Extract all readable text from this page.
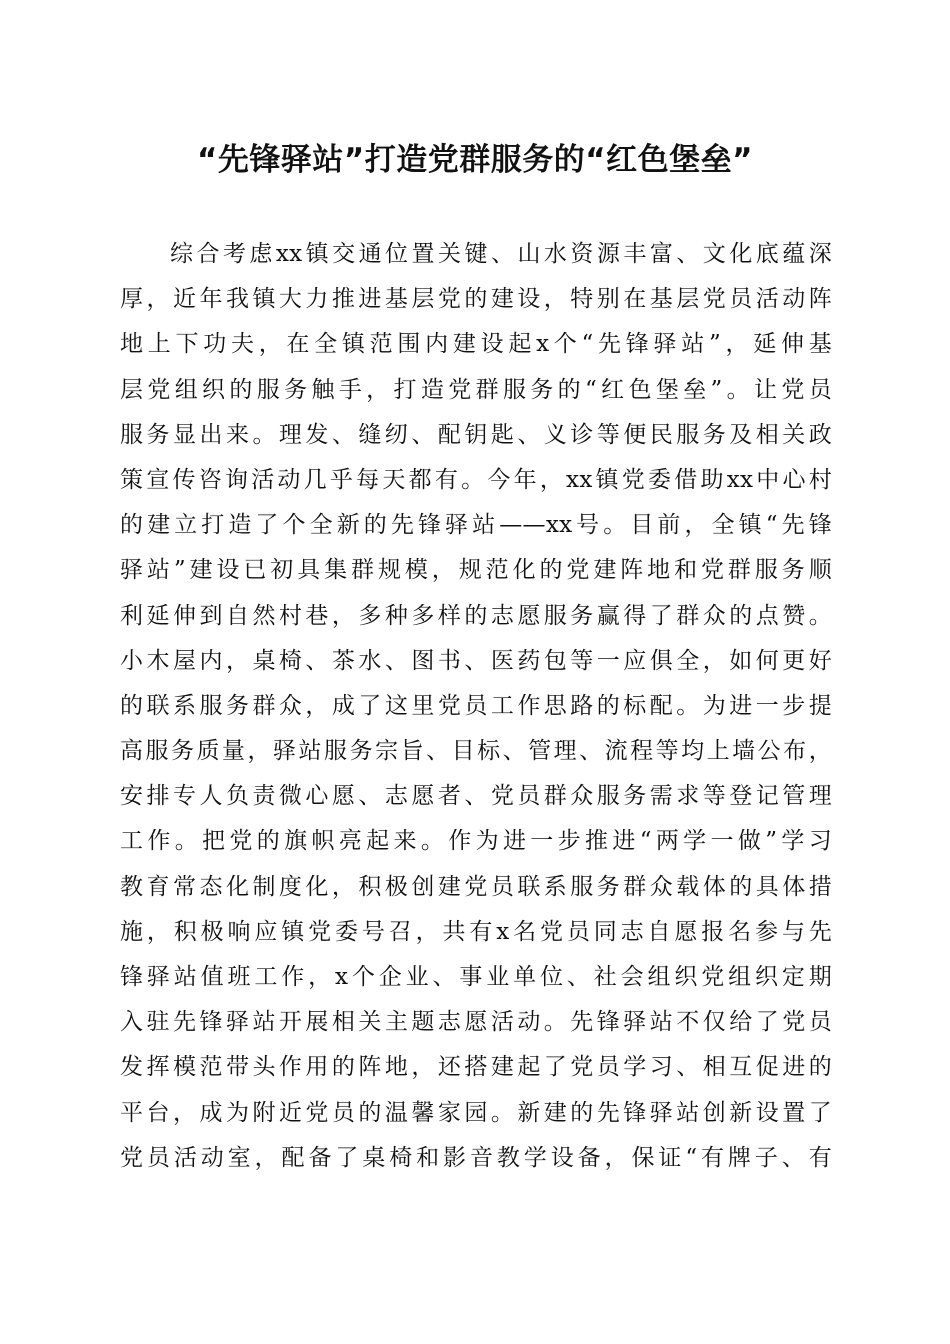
“先锋驿站”打造党群服务的“红色堡垒”
综合考虑xx镇交通位置关键、山水资源丰富、文化底蕴深
厚，近年我镇大力推进基层党的建设，特别在基层党员活动阵
地上下功夫，在全镇范围内建设起x个“先锋驿站”，延伸基
层党组织的服务触手，打造党群服务的“红色堡垒”。让党员
服务显出来。理发、缝纫、配钥匙、义诊等便民服务及相关政
策宣传咨询活动几乎每天都有。今年，xx镇党委借助xx中心村
的建立打造了个全新的先锋驿站——xx号。目前，全镇“先锋
驿站”建设已初具集群规模，规范化的党建阵地和党群服务顺
利延伸到自然村巷，多种多样的志愿服务赢得了群众的点赞。
小木屋内，桌椅、茶水、图书、医药包等一应俱全，如何更好
的联系服务群众，成了这里党员工作思路的标配。为进一步提
高服务质量，驿站服务宗旨、目标、管理、流程等均上墙公布，
安排专人负责微心愿、志愿者、党员群众服务需求等登记管理
工作。把党的旗帜亮起来。作为进一步推进“两学一做”学习
教育常态化制度化，积极创建党员联系服务群众载体的具体措
施，积极响应镇党委号召，共有x名党员同志自愿报名参与先
锋驿站值班工作，x个企业、事业单位、社会组织党组织定期
入驻先锋驿站开展相关主题志愿活动。先锋驿站不仅给了党员
发挥模范带头作用的阵地，还搭建起了党员学习、相互促进的
平台，成为附近党员的温馨家园。新建的先锋驿站创新设置了
党员活动室，配备了桌椅和影音教学设备，保证“有牌子、有
